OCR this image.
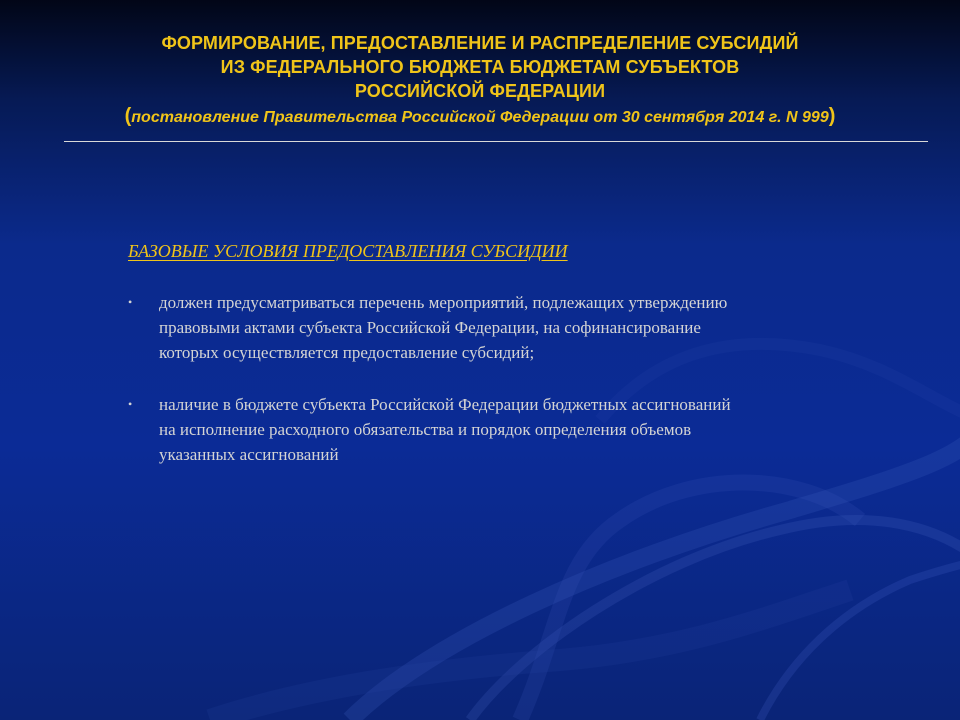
ФОРМИРОВАНИЕ, ПРЕДОСТАВЛЕНИЕ И РАСПРЕДЕЛЕНИЕ СУБСИДИЙ
ИЗ ФЕДЕРАЛЬНОГО БЮДЖЕТА БЮДЖЕТАМ СУБЪЕКТОВ
РОССИЙСКОЙ ФЕДЕРАЦИИ
(постановление Правительства Российской Федерации от 30 сентября 2014 г. N 999)
БАЗОВЫЕ УСЛОВИЯ ПРЕДОСТАВЛЕНИЯ СУБСИДИИ
• должен предусматриваться перечень мероприятий, подлежащих утверждению
правовыми актами субъекта Российской Федерации, на софинансирование
которых осуществляется предоставление субсидий;
• наличие в бюджете субъекта Российской Федерации бюджетных ассигнований
на исполнение расходного обязательства и порядок определения объемов
указанных ассигнований
